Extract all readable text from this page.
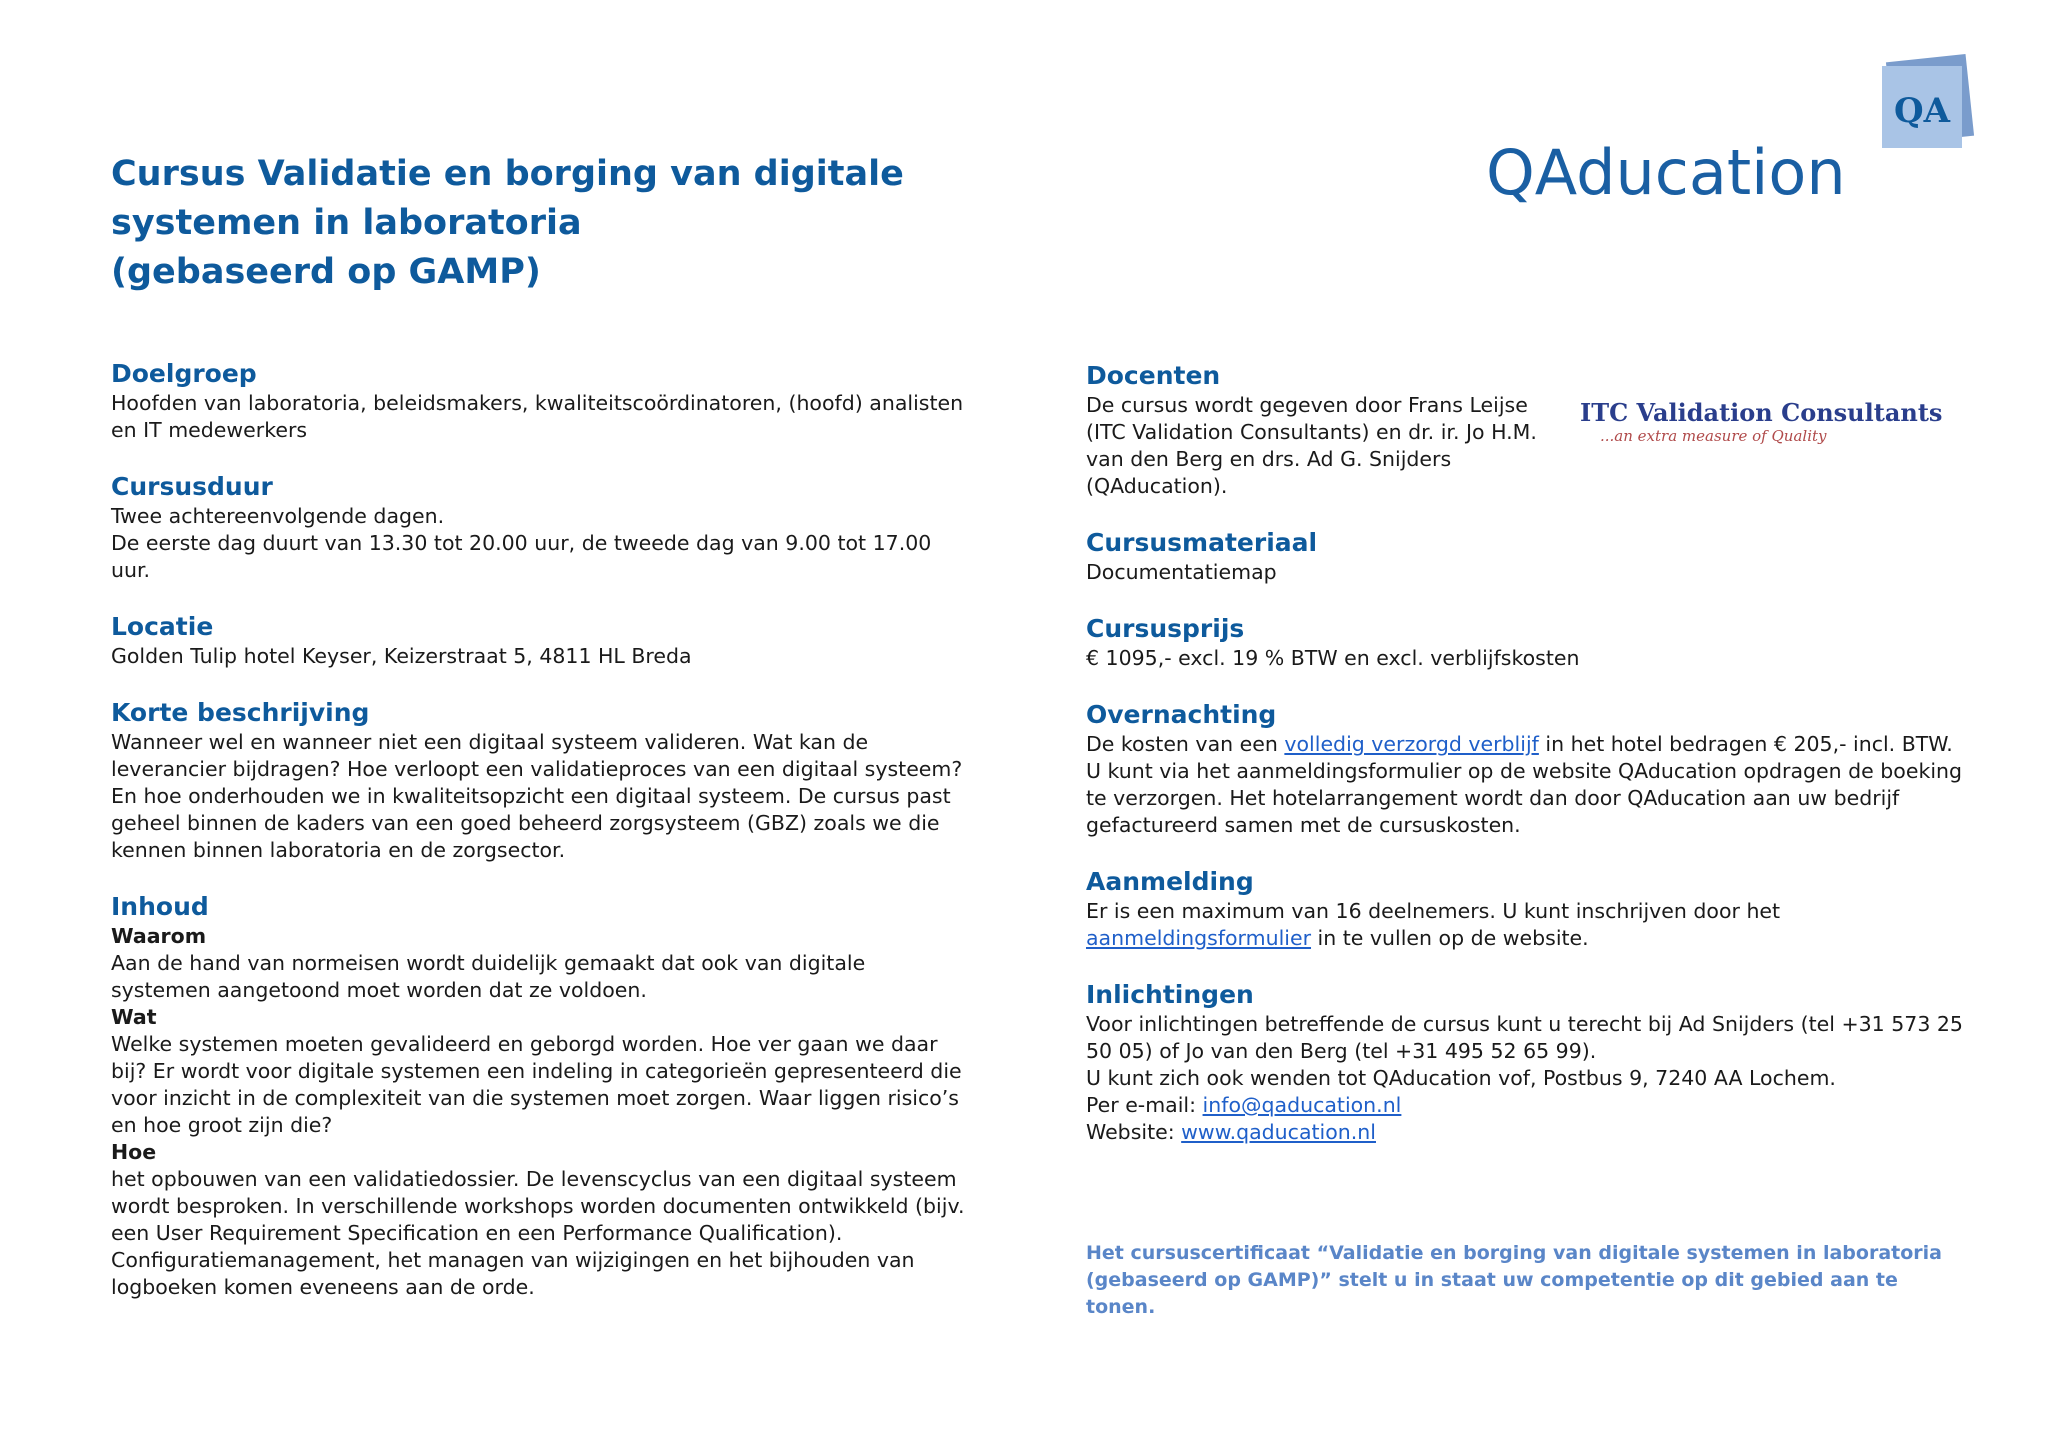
Cursus Validatie en borging van digitale
systemen in laboratoria
(gebaseerd op GAMP)
QA
QAducation
Doelgroep

Hoofden van laboratoria, beleidsmakers, kwaliteitscoördinatoren, (hoofd) analisten en IT medewerkers

Cursusduur

Twee achtereenvolgende dagen.

De eerste dag duurt van 13.30 tot 20.00 uur, de tweede dag van 9.00 tot 17.00 uur.

Locatie

Golden Tulip hotel Keyser, Keizerstraat 5, 4811 HL Breda

Korte beschrijving

Wanneer wel en wanneer niet een digitaal systeem valideren. Wat kan de leverancier bijdragen? Hoe verloopt een validatieproces van een digitaal systeem? En hoe onderhouden we in kwaliteitsopzicht een digitaal systeem. De cursus past geheel binnen de kaders van een goed beheerd zorgsysteem (GBZ) zoals we die kennen binnen laboratoria en de zorgsector.

Inhoud
Waarom

Aan de hand van normeisen wordt duidelijk gemaakt dat ook van digitale systemen aangetoond moet worden dat ze voldoen.

Wat

Welke systemen moeten gevalideerd en geborgd worden. Hoe ver gaan we daar bij? Er wordt voor digitale systemen een indeling in categorieën gepresenteerd die voor inzicht in de complexiteit van die systemen moet zorgen. Waar liggen risico’s en hoe groot zijn die?

Hoe

het opbouwen van een validatiedossier. De levenscyclus van een digitaal systeem wordt besproken. In verschillende workshops worden documenten ontwikkeld (bijv. een User Requirement Specification en een Performance Qualification). Configuratiemanagement, het managen van wijzigingen en het bijhouden van logboeken komen eveneens aan de orde.

ITC Validation Consultants
...an extra measure of Quality
Docenten

De cursus wordt gegeven door Frans Leijse (ITC Validation Consultants) en dr. ir. Jo H.M. van den Berg en drs. Ad G. Snijders (QAducation).

Cursusmateriaal

Documentatiemap

Cursusprijs

€ 1095,- excl. 19 % BTW en excl. verblijfskosten

Overnachting

De kosten van een volledig verzorgd verblijf in het hotel bedragen € 205,- incl. BTW.

U kunt via het aanmeldingsformulier op de website QAducation opdragen de boeking te verzorgen. Het hotelarrangement wordt dan door QAducation aan uw bedrijf gefactureerd samen met de cursuskosten.

Aanmelding

Er is een maximum van 16 deelnemers. U kunt inschrijven door het aanmeldingsformulier in te vullen op de website.

Inlichtingen

Voor inlichtingen betreffende de cursus kunt u terecht bij Ad Snijders (tel +31 573 25 50 05) of Jo van den Berg (tel +31 495 52 65 99).

U kunt zich ook wenden tot QAducation vof, Postbus 9, 7240 AA Lochem.

Per e-mail: info@qaducation.nl

Website: www.qaducation.nl

Het cursuscertificaat “Validatie en borging van digitale systemen in laboratoria (gebaseerd op GAMP)” stelt u in staat uw competentie op dit gebied aan te tonen.
